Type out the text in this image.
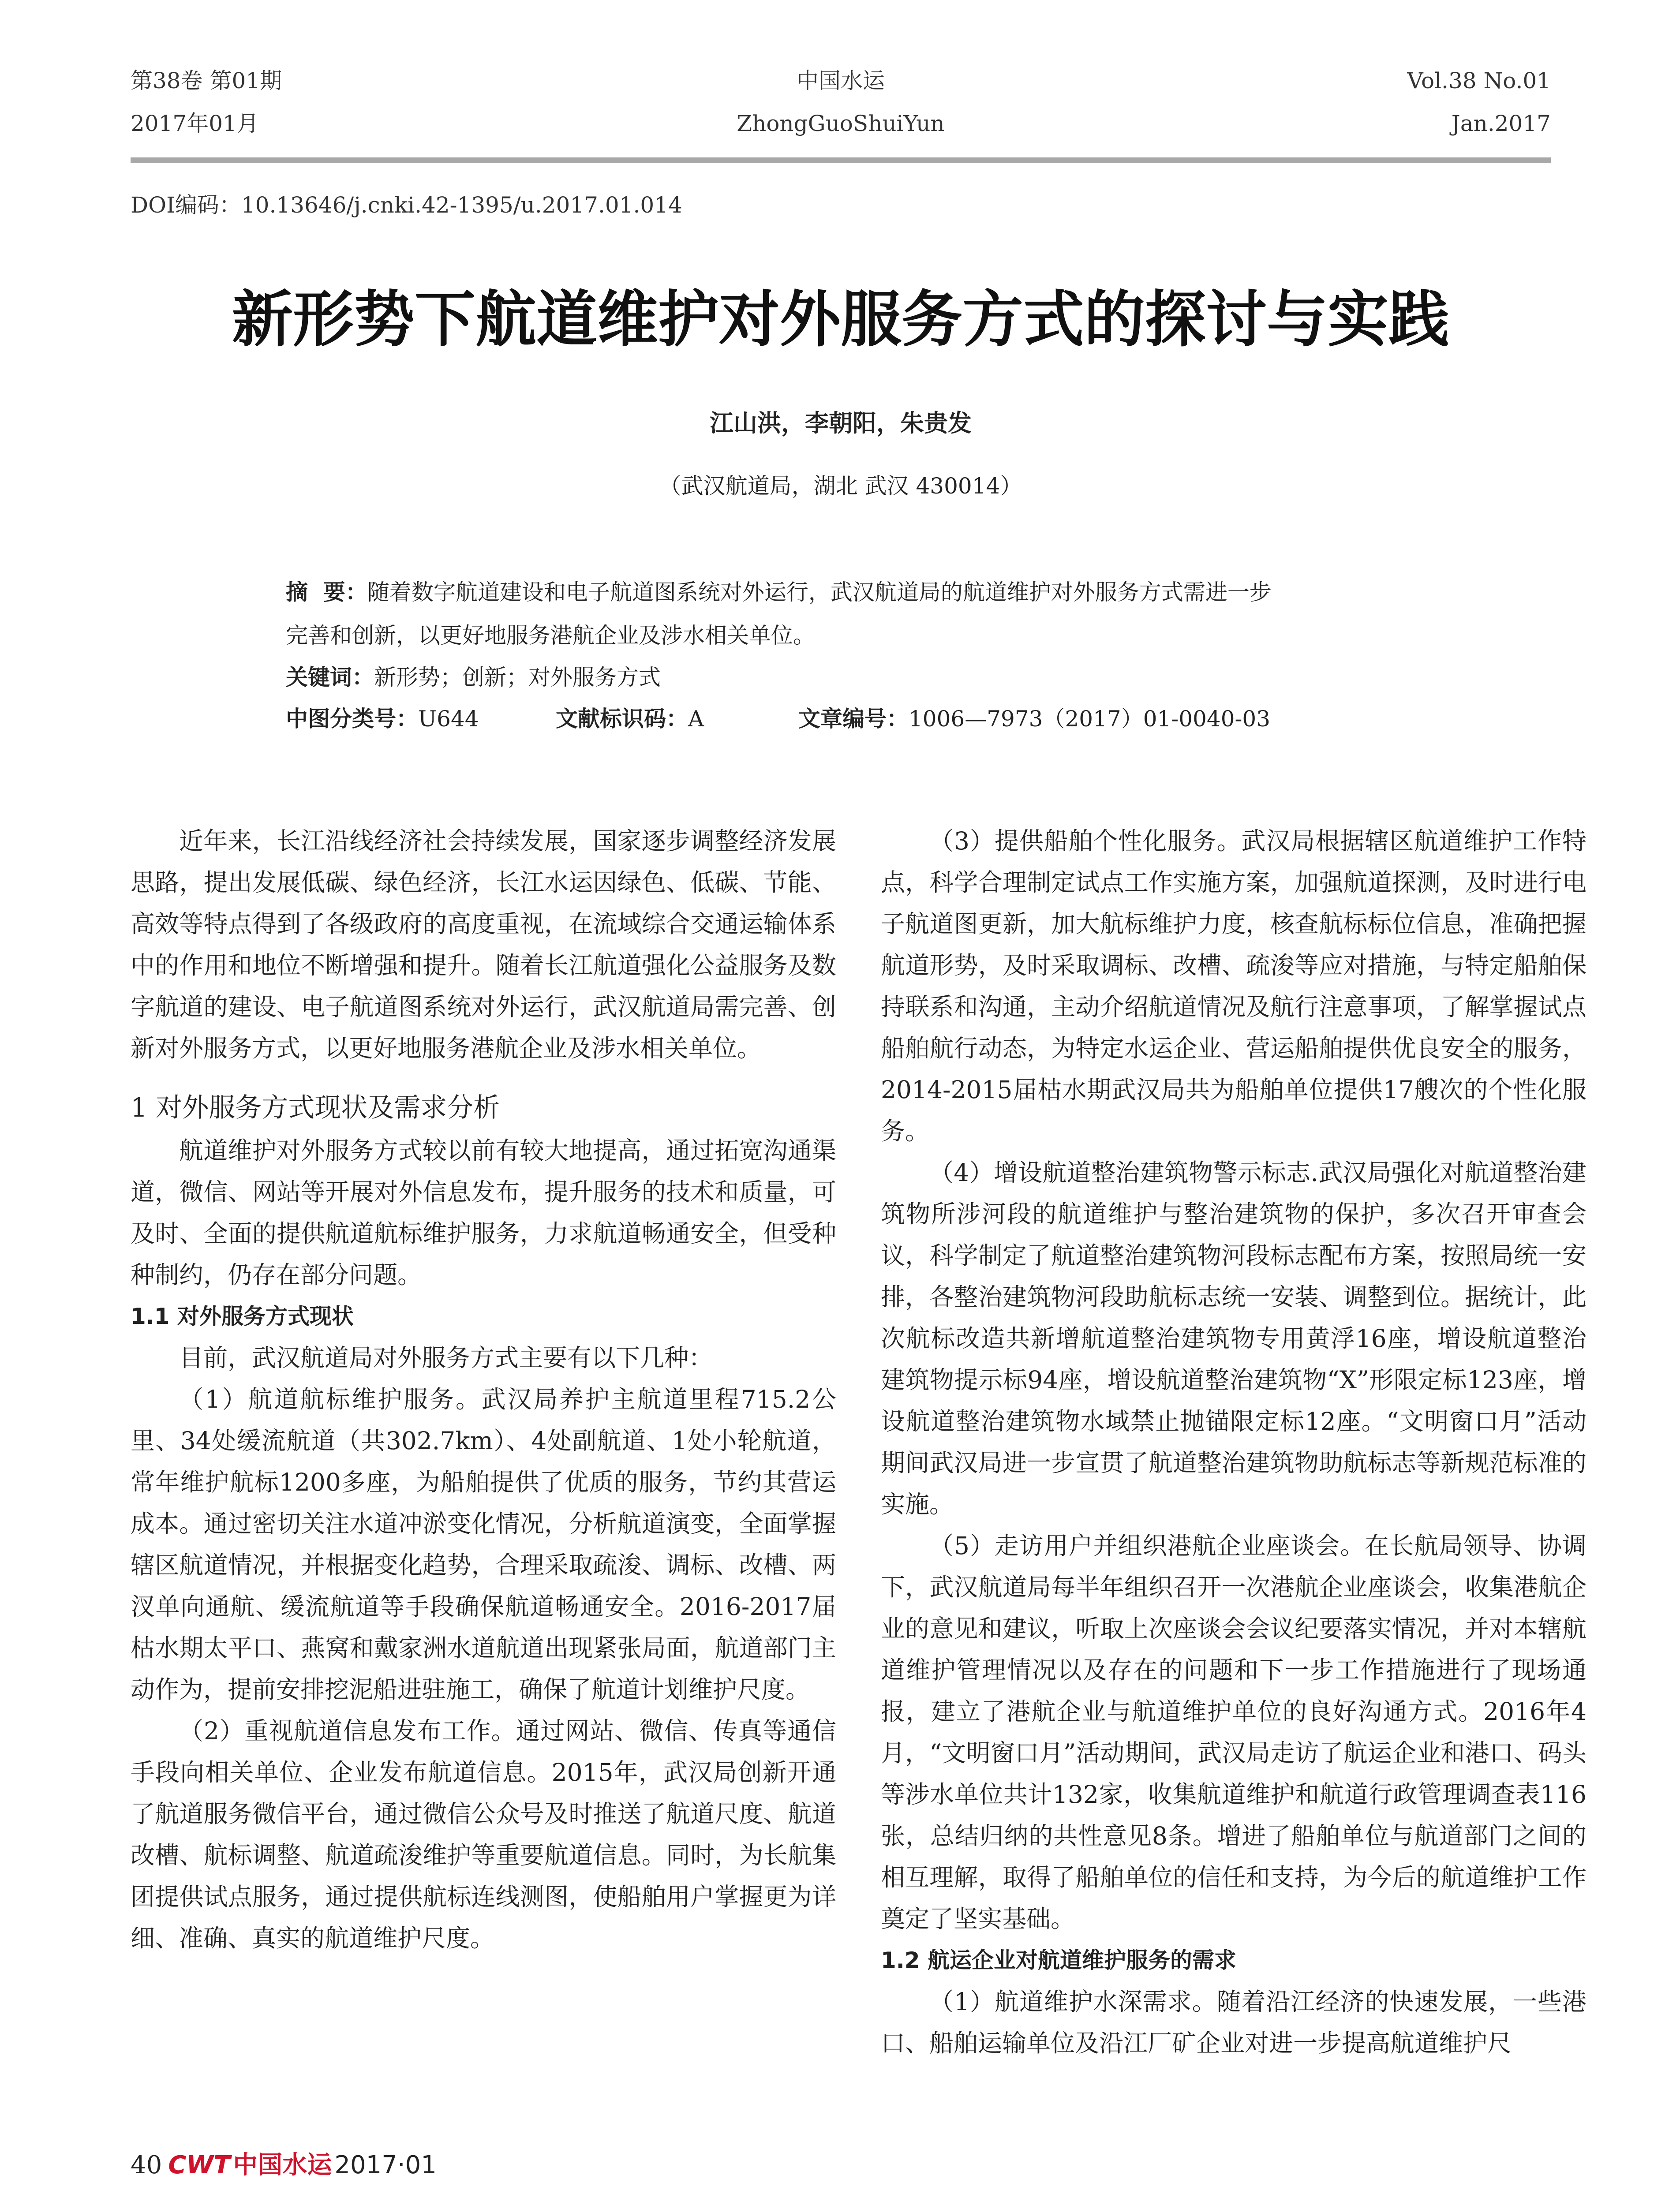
第38卷 第01期
2017年01月
中国水运
ZhongGuoShuiYun
Vol.38 No.01
Jan.2017
DOI编码：10.13646/j.cnki.42-1395/u.2017.01.014
新形势下航道维护对外服务方式的探讨与实践
江山洪，李朝阳，朱贵发
（武汉航道局，湖北 武汉 430014）
摘  要：随着数字航道建设和电子航道图系统对外运行，武汉航道局的航道维护对外服务方式需进一步
完善和创新，以更好地服务港航企业及涉水相关单位。
关键词：新形势；创新；对外服务方式
中图分类号：U644	文献标识码：A	文章编号：1006—7973（2017）01-0040-03

近年来，长江沿线经济社会持续发展，国家逐步调整经济发展思路，提出发展低碳、绿色经济，长江水运因绿色、低碳、节能、高效等特点得到了各级政府的高度重视，在流域综合交通运输体系中的作用和地位不断增强和提升。随着长江航道强化公益服务及数字航道的建设、电子航道图系统对外运行，武汉航道局需完善、创新对外服务方式，以更好地服务港航企业及涉水相关单位。

1 对外服务方式现状及需求分析

航道维护对外服务方式较以前有较大地提高，通过拓宽沟通渠道，微信、网站等开展对外信息发布，提升服务的技术和质量，可及时、全面的提供航道航标维护服务，力求航道畅通安全，但受种种制约，仍存在部分问题。

1.1 对外服务方式现状

目前，武汉航道局对外服务方式主要有以下几种：

（1）航道航标维护服务。武汉局养护主航道里程715.2公里、34处缓流航道（共302.7km）、4处副航道、1处小轮航道，常年维护航标1200多座，为船舶提供了优质的服务，节约其营运成本。通过密切关注水道冲淤变化情况，分析航道演变，全面掌握辖区航道情况，并根据变化趋势，合理采取疏浚、调标、改槽、两汊单向通航、缓流航道等手段确保航道畅通安全。2016-2017届枯水期太平口、燕窝和戴家洲水道航道出现紧张局面，航道部门主动作为，提前安排挖泥船进驻施工，确保了航道计划维护尺度。

（2）重视航道信息发布工作。通过网站、微信、传真等通信手段向相关单位、企业发布航道信息。2015年，武汉局创新开通了航道服务微信平台，通过微信公众号及时推送了航道尺度、航道改槽、航标调整、航道疏浚维护等重要航道信息。同时，为长航集团提供试点服务，通过提供航标连线测图，使船舶用户掌握更为详细、准确、真实的航道维护尺度。

（3）提供船舶个性化服务。武汉局根据辖区航道维护工作特点，科学合理制定试点工作实施方案，加强航道探测，及时进行电子航道图更新，加大航标维护力度，核查航标标位信息，准确把握航道形势，及时采取调标、改槽、疏浚等应对措施，与特定船舶保持联系和沟通，主动介绍航道情况及航行注意事项，了解掌握试点船舶航行动态，为特定水运企业、营运船舶提供优良安全的服务，2014-2015届枯水期武汉局共为船舶单位提供17艘次的个性化服务。

（4）增设航道整治建筑物警示标志.武汉局强化对航道整治建筑物所涉河段的航道维护与整治建筑物的保护，多次召开审查会议，科学制定了航道整治建筑物河段标志配布方案，按照局统一安排，各整治建筑物河段助航标志统一安装、调整到位。据统计，此次航标改造共新增航道整治建筑物专用黄浮16座，增设航道整治建筑物提示标94座，增设航道整治建筑物“X”形限定标123座，增设航道整治建筑物水域禁止抛锚限定标12座。“文明窗口月”活动期间武汉局进一步宣贯了航道整治建筑物助航标志等新规范标准的实施。

（5）走访用户并组织港航企业座谈会。在长航局领导、协调下，武汉航道局每半年组织召开一次港航企业座谈会，收集港航企业的意见和建议，听取上次座谈会会议纪要落实情况，并对本辖航道维护管理情况以及存在的问题和下一步工作措施进行了现场通报，建立了港航企业与航道维护单位的良好沟通方式。2016年4月，“文明窗口月”活动期间，武汉局走访了航运企业和港口、码头等涉水单位共计132家，收集航道维护和航道行政管理调查表116张，总结归纳的共性意见8条。增进了船舶单位与航道部门之间的相互理解，取得了船舶单位的信任和支持，为今后的航道维护工作奠定了坚实基础。

1.2 航运企业对航道维护服务的需求

（1）航道维护水深需求。随着沿江经济的快速发展，一些港口、船舶运输单位及沿江厂矿企业对进一步提高航道维护尺

40 CWT 中国水运 2017·01
